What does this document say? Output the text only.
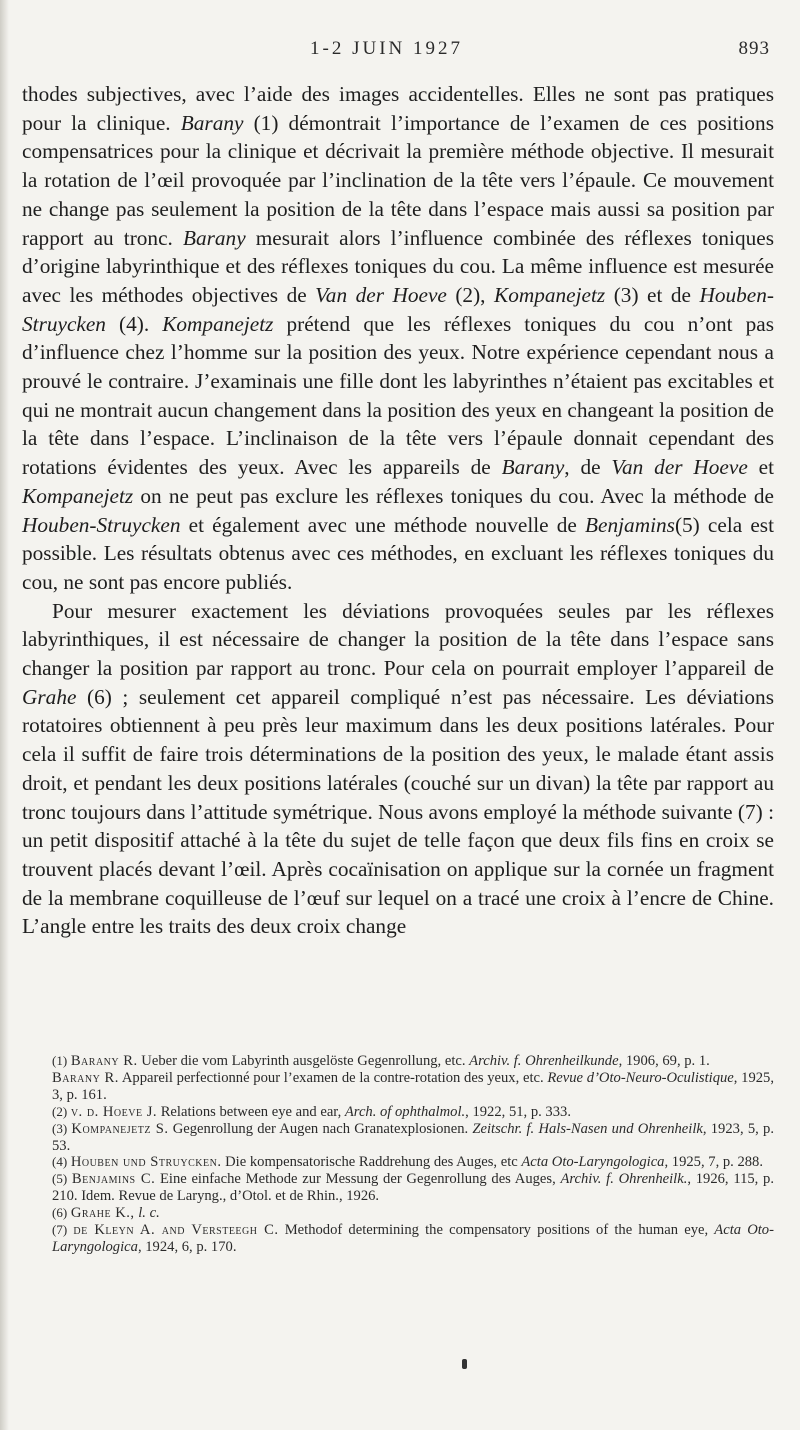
1-2 JUIN 1927	893

thodes subjectives, avec l’aide des images accidentelles. Elles ne sont pas pratiques pour la clinique. Barany (1) démontrait l’importance de l’examen de ces positions compensatrices pour la clinique et décrivait la première méthode objective. Il mesurait la rotation de l’œil provoquée par l’inclination de la tête vers l’épaule. Ce mouvement ne change pas seulement la position de la tête dans l’espace mais aussi sa position par rapport au tronc. Barany mesurait alors l’influence combinée des réflexes toniques d’origine labyrinthique et des réflexes toniques du cou. La même influence est mesurée avec les méthodes objectives de Van der Hoeve (2), Kompanejetz (3) et de Houben-Struycken (4). Kompanejetz prétend que les réflexes toniques du cou n’ont pas d’influence chez l’homme sur la position des yeux. Notre expérience cependant nous a prouvé le contraire. J’examinais une fille dont les labyrinthes n’étaient pas excitables et qui ne montrait aucun changement dans la position des yeux en changeant la position de la tête dans l’espace. L’inclinaison de la tête vers l’épaule donnait cependant des rotations évidentes des yeux. Avec les appareils de Barany, de Van der Hoeve et Kompanejetz on ne peut pas exclure les réflexes toniques du cou. Avec la méthode de Houben-Struycken et également avec une méthode nouvelle de Benjamins(5) cela est possible. Les résultats obtenus avec ces méthodes, en excluant les réflexes toniques du cou, ne sont pas encore publiés.

Pour mesurer exactement les déviations provoquées seules par les réflexes labyrinthiques, il est nécessaire de changer la position de la tête dans l’espace sans changer la position par rapport au tronc. Pour cela on pourrait employer l’appareil de Grahe (6) ; seulement cet appareil compliqué n’est pas nécessaire. Les déviations rotatoires obtiennent à peu près leur maximum dans les deux positions latérales. Pour cela il suffit de faire trois déterminations de la position des yeux, le malade étant assis droit, et pendant les deux positions latérales (couché sur un divan) la tête par rapport au tronc toujours dans l’attitude symétrique. Nous avons employé la méthode suivante (7) : un petit dispositif attaché à la tête du sujet de telle façon que deux fils fins en croix se trouvent placés devant l’œil. Après cocaïnisation on applique sur la cornée un fragment de la membrane coquilleuse de l’œuf sur lequel on a tracé une croix à l’encre de Chine. L’angle entre les traits des deux croix change

(1) Barany R. Ueber die vom Labyrinth ausgelöste Gegenrollung, etc. Archiv. f. Ohrenheilkunde, 1906, 69, p. 1.

Barany R. Appareil perfectionné pour l’examen de la contre-rotation des yeux, etc. Revue d’Oto-Neuro-Oculistique, 1925, 3, p. 161.

(2) v. d. Hoeve J. Relations between eye and ear, Arch. of ophthalmol., 1922, 51, p. 333.

(3) Kompanejetz S. Gegenrollung der Augen nach Granatexplosionen. Zeitschr. f. Hals-Nasen und Ohrenheilk, 1923, 5, p. 53.

(4) Houben und Struycken. Die kompensatorische Raddrehung des Auges, etc Acta Oto-Laryngologica, 1925, 7, p. 288.

(5) Benjamins C. Eine einfache Methode zur Messung der Gegenrollung des Auges, Archiv. f. Ohrenheilk., 1926, 115, p. 210. Idem. Revue de Laryng., d’Otol. et de Rhin., 1926.

(6) Grahe K., l. c.

(7) de Kleyn A. and Versteegh C. Methodof determining the compensatory positions of the human eye, Acta Oto-Laryngologica, 1924, 6, p. 170.
